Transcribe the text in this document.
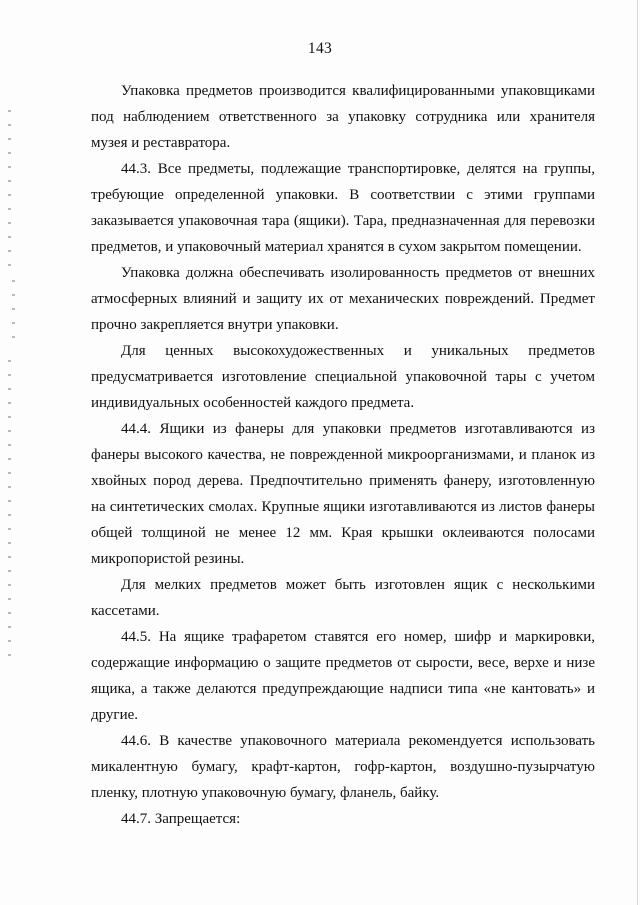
143

Упаковка предметов производится квалифицированными упаковщиками под наблюдением ответственного за упаковку сотрудника или хранителя музея и реставратора.

44.3. Все предметы, подлежащие транспортировке, делятся на группы, требующие определенной упаковки. В соответствии с этими группами заказывается упаковочная тара (ящики). Тара, предназначенная для перевозки предметов, и упаковочный материал хранятся в сухом закрытом помещении.

Упаковка должна обеспечивать изолированность предметов от внешних атмосферных влияний и защиту их от механических повреждений. Предмет прочно закрепляется внутри упаковки.

Для ценных высокохудожественных и уникальных предметов предусматривается изготовление специальной упаковочной тары с учетом индивидуальных особенностей каждого предмета.

44.4. Ящики из фанеры для упаковки предметов изготавливаются из фанеры высокого качества, не поврежденной микроорганизмами, и планок из хвойных пород дерева. Предпочтительно применять фанеру, изготовленную на синтетических смолах. Крупные ящики изготавливаются из листов фанеры общей толщиной не менее 12 мм. Края крышки оклеиваются полосами микропористой резины.

Для мелких предметов может быть изготовлен ящик с несколькими кассетами.

44.5. На ящике трафаретом ставятся его номер, шифр и маркировки, содержащие информацию о защите предметов от сырости, весе, верхе и низе ящика, а также делаются предупреждающие надписи типа «не кантовать» и другие.

44.6. В качестве упаковочного материала рекомендуется использовать микалентную бумагу, крафт-картон, гофр-картон, воздушно-пузырчатую пленку, плотную упаковочную бумагу, фланель, байку.

44.7. Запрещается:
